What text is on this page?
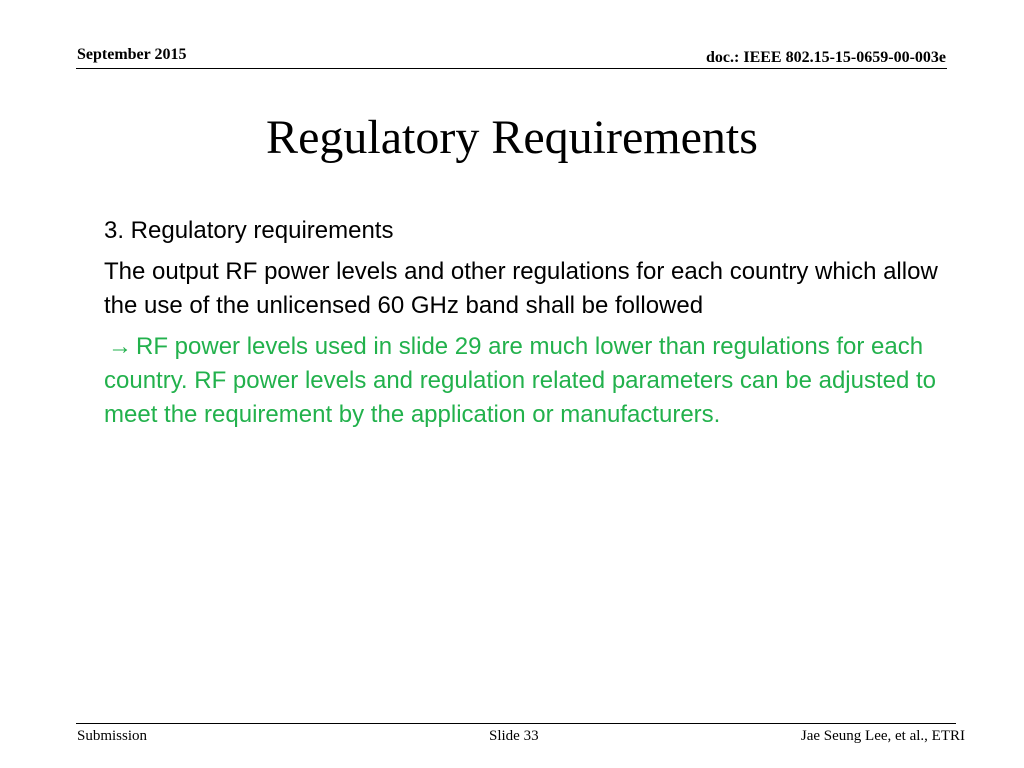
September 2015	doc.: IEEE 802.15-15-0659-00-003e
Regulatory Requirements

3. Regulatory requirements

The output RF power levels and other regulations for each country which allow the use of the unlicensed 60 GHz band shall be followed

→ RF power levels used in slide 29 are much lower than regulations for each country. RF power levels and regulation related parameters can be adjusted to meet the requirement by the application or manufacturers.

Submission	Slide 33	Jae Seung Lee, et al., ETRI
